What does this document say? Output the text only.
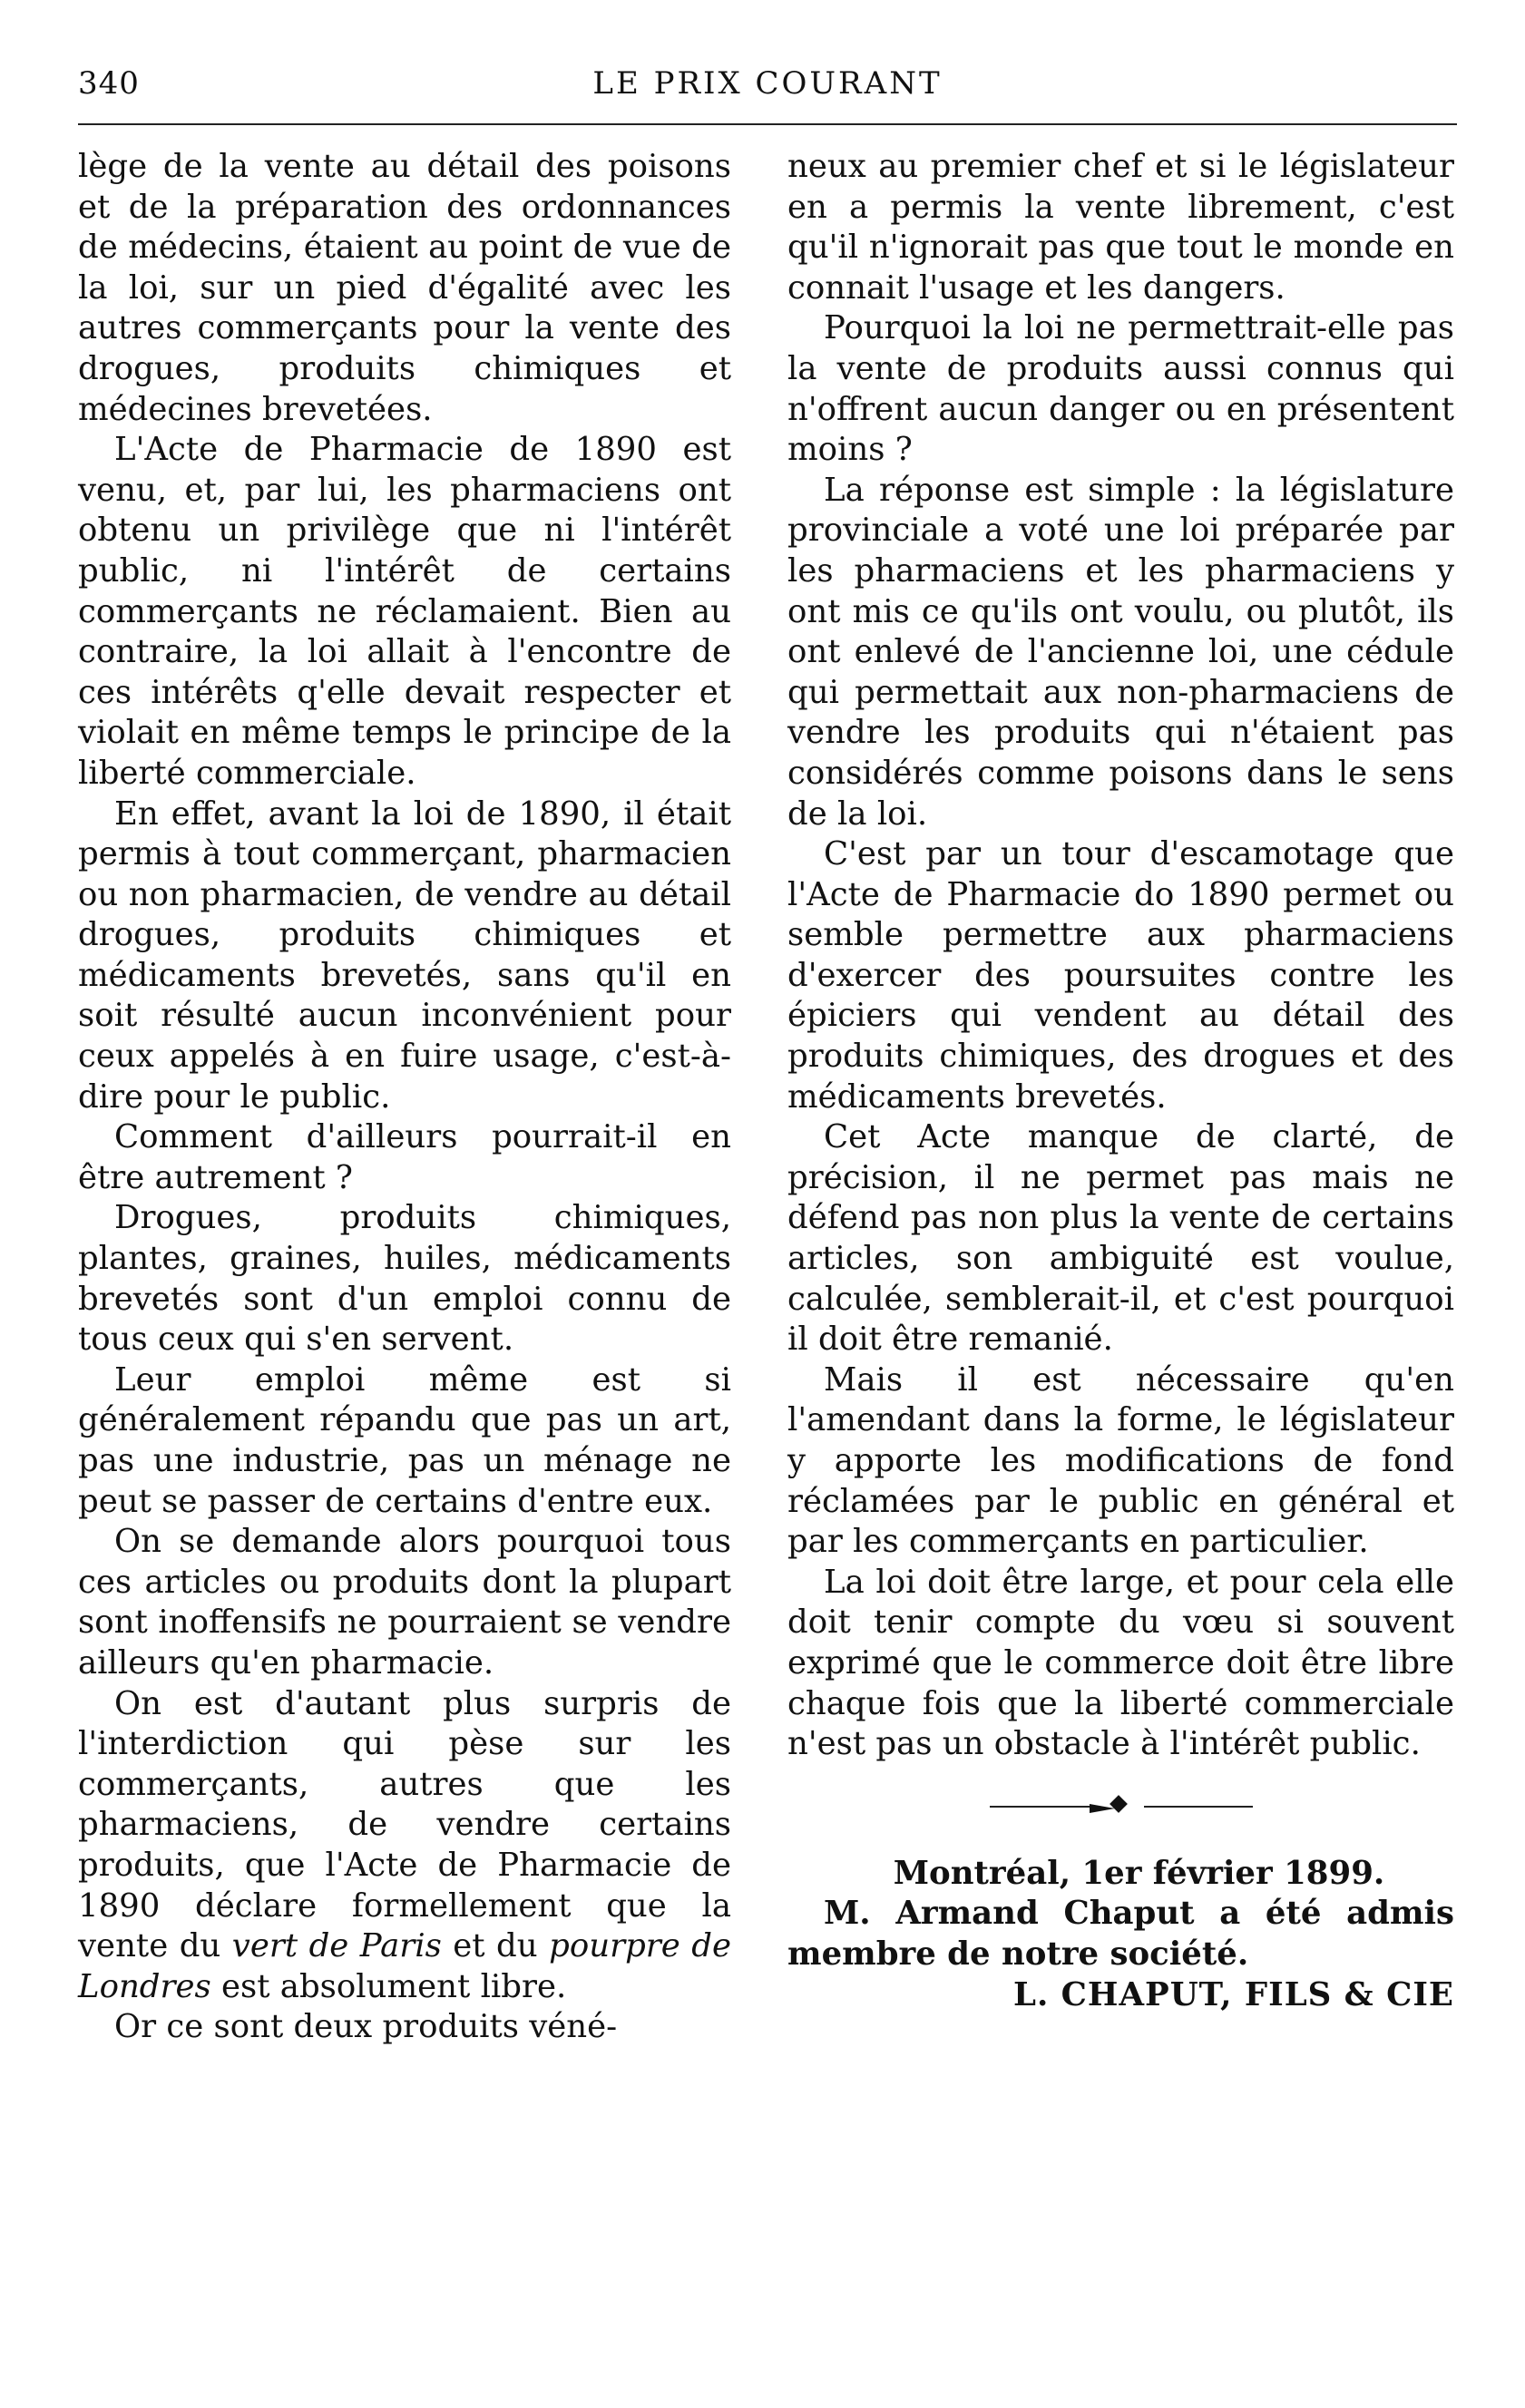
340	LE PRIX COURANT

lège de la vente au détail des poisons et de la préparation des ordonnances de médecins, étaient au point de vue de la loi, sur un pied d'égalité avec les autres commerçants pour la vente des drogues, produits chimiques et médecines brevetées.

L'Acte de Pharmacie de 1890 est venu, et, par lui, les pharmaciens ont obtenu un privilège que ni l'intérêt public, ni l'intérêt de certains commerçants ne réclamaient. Bien au contraire, la loi allait à l'encontre de ces intérêts q'elle devait respecter et violait en même temps le principe de la liberté commerciale.

En effet, avant la loi de 1890, il était permis à tout commerçant, pharmacien ou non pharmacien, de vendre au détail drogues, produits chimiques et médicaments brevetés, sans qu'il en soit résulté aucun inconvénient pour ceux appelés à en fuire usage, c'est-à-dire pour le public.

Comment d'ailleurs pourrait-il en être autrement ?

Drogues, produits chimiques, plantes, graines, huiles, médicaments brevetés sont d'un emploi connu de tous ceux qui s'en servent.

Leur emploi même est si généralement répandu que pas un art, pas une industrie, pas un ménage ne peut se passer de certains d'entre eux.

On se demande alors pourquoi tous ces articles ou produits dont la plupart sont inoffensifs ne pourraient se vendre ailleurs qu'en pharmacie.

On est d'autant plus surpris de l'interdiction qui pèse sur les commerçants, autres que les pharmaciens, de vendre certains produits, que l'Acte de Pharmacie de 1890 déclare formellement que la vente du vert de Paris et du pourpre de Londres est absolument libre.

Or ce sont deux produits véné-

neux au premier chef et si le législateur en a permis la vente librement, c'est qu'il n'ignorait pas que tout le monde en connait l'usage et les dangers.

Pourquoi la loi ne permettrait-elle pas la vente de produits aussi connus qui n'offrent aucun danger ou en présentent moins ?

La réponse est simple : la législature provinciale a voté une loi préparée par les pharmaciens et les pharmaciens y ont mis ce qu'ils ont voulu, ou plutôt, ils ont enlevé de l'ancienne loi, une cédule qui permettait aux non-pharmaciens de vendre les produits qui n'étaient pas considérés comme poisons dans le sens de la loi.

C'est par un tour d'escamotage que l'Acte de Pharmacie do 1890 permet ou semble permettre aux pharmaciens d'exercer des poursuites contre les épiciers qui vendent au détail des produits chimiques, des drogues et des médicaments brevetés.

Cet Acte manque de clarté, de précision, il ne permet pas mais ne défend pas non plus la vente de certains articles, son ambiguité est voulue, calculée, semblerait-il, et c'est pourquoi il doit être remanié.

Mais il est nécessaire qu'en l'amendant dans la forme, le législateur y apporte les modifications de fond réclamées par le public en général et par les commerçants en particulier.

La loi doit être large, et pour cela elle doit tenir compte du vœu si souvent exprimé que le commerce doit être libre chaque fois que la liberté commerciale n'est pas un obstacle à l'intérêt public.

Montréal, 1er février 1899.

M. Armand Chaput a été admis membre de notre société.

L. CHAPUT, FILS & CIE
